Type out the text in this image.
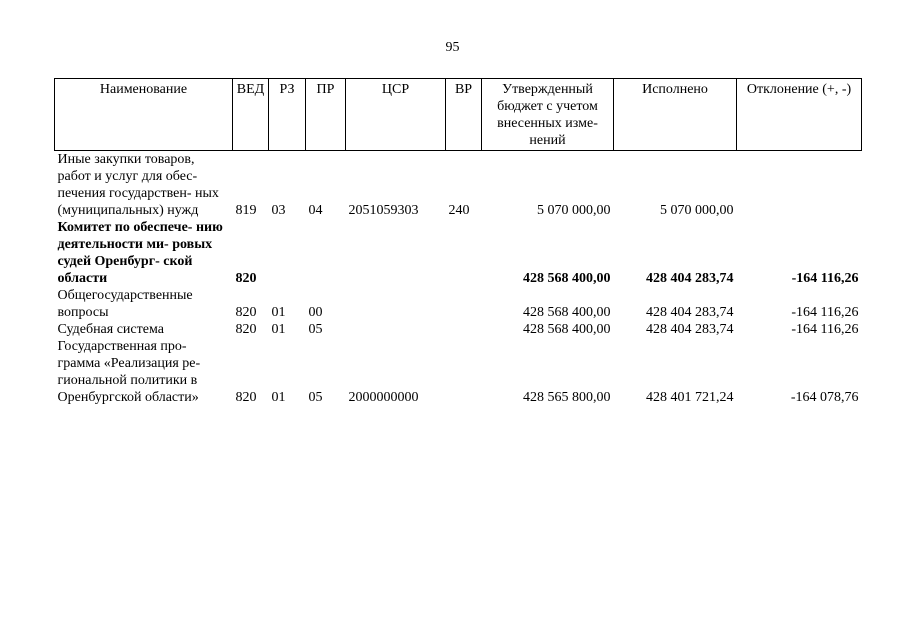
95
Наименование	ВЕД	РЗ	ПР	ЦСР	ВР	Утвержденный бюджет с учетом внесенных изме- нений	Исполнено	Отклонение (+, -)
Иные закупки товаров, работ и услуг для обес- печения государствен- ных (муниципальных) нужд	819	03	04	2051059303	240	5 070 000,00	5 070 000,00	
Комитет по обеспече- нию деятельности ми- ровых судей Оренбург- ской области	820					428 568 400,00	428 404 283,74	-164 116,26
Общегосударственные вопросы	820	01	00			428 568 400,00	428 404 283,74	-164 116,26
Судебная система	820	01	05			428 568 400,00	428 404 283,74	-164 116,26
Государственная про- грамма «Реализация ре- гиональной политики в Оренбургской области»	820	01	05	2000000000		428 565 800,00	428 401 721,24	-164 078,76
